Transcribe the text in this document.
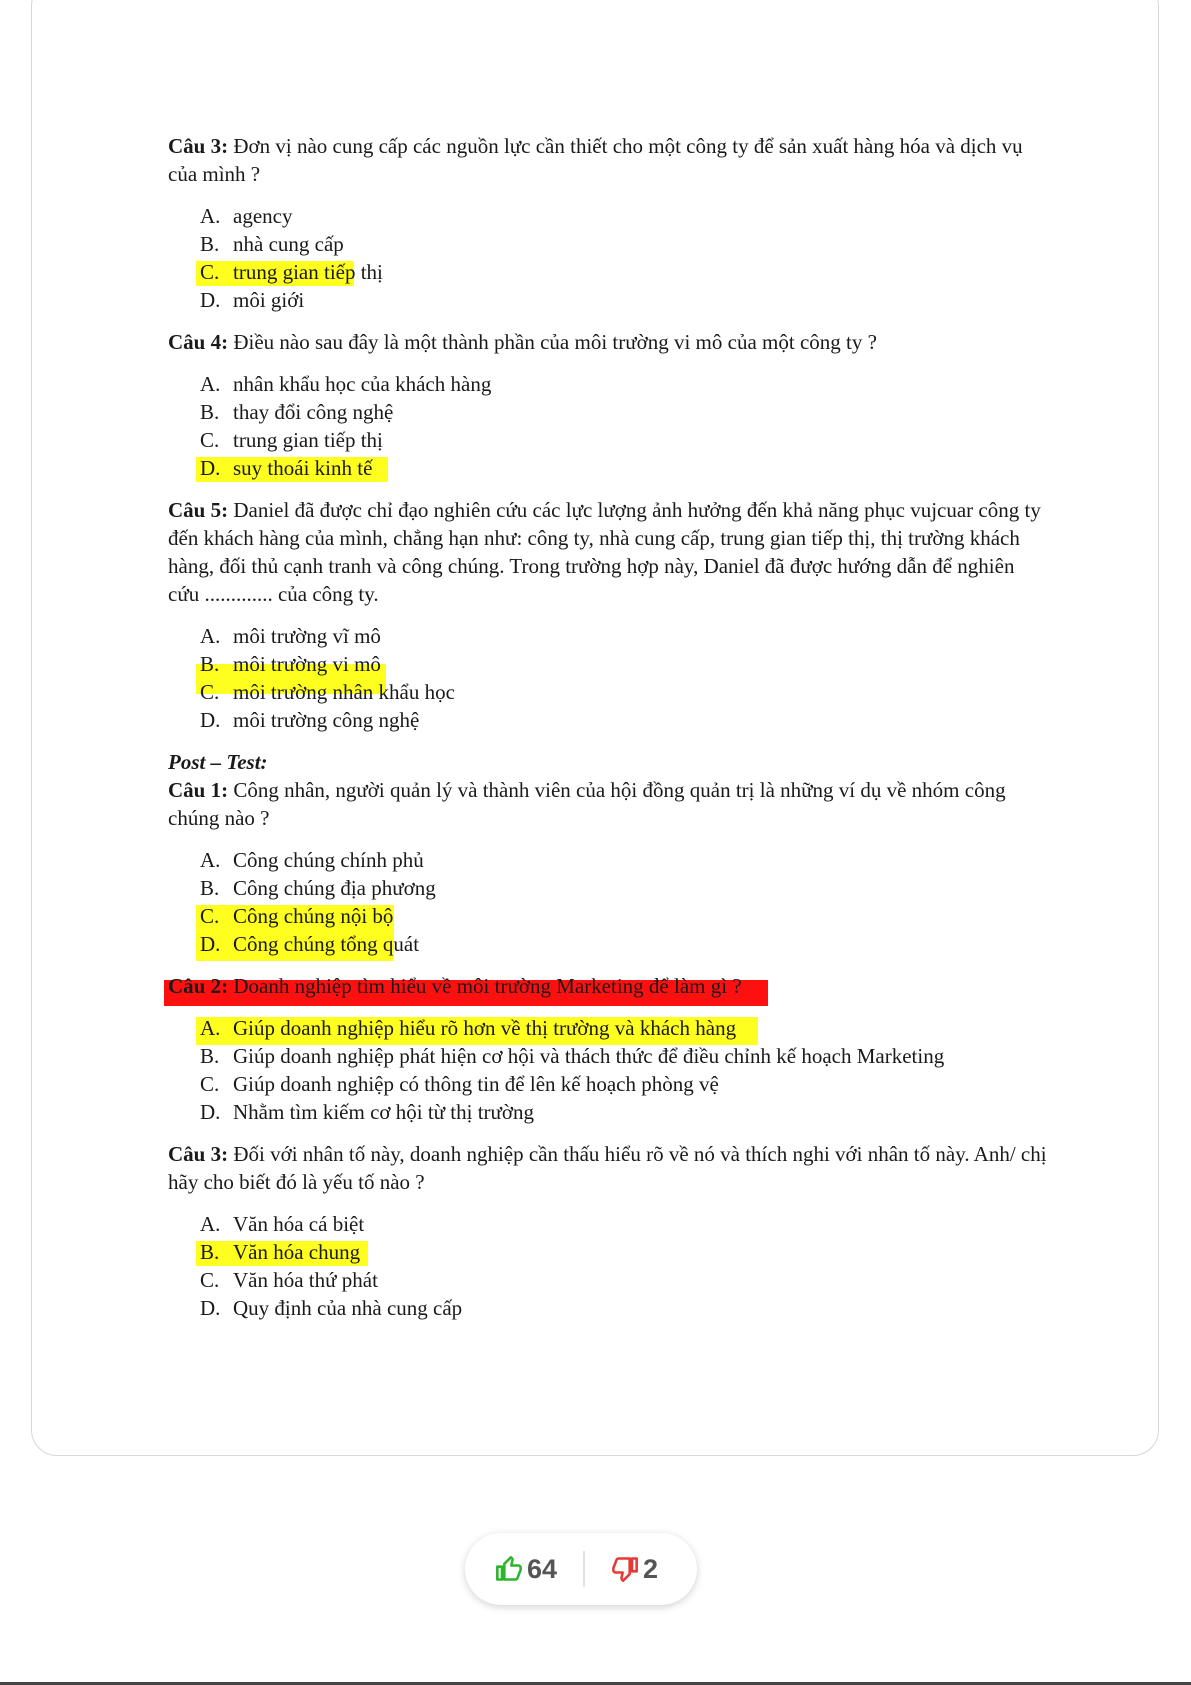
Câu 3: Đơn vị nào cung cấp các nguồn lực cần thiết cho một công ty để sản xuất hàng hóa và dịch vụ của mình ?

A. agency
B. nhà cung cấp
C. trung gian tiếp thị
D. môi giới

Câu 4: Điều nào sau đây là một thành phần của môi trường vi mô của một công ty ?

A. nhân khẩu học của khách hàng
B. thay đổi công nghệ
C. trung gian tiếp thị
D. suy thoái kinh tế

Câu 5: Daniel đã được chỉ đạo nghiên cứu các lực lượng ảnh hưởng đến khả năng phục vujcuar công ty đến khách hàng của mình, chẳng hạn như: công ty, nhà cung cấp, trung gian tiếp thị, thị trường khách hàng, đối thủ cạnh tranh và công chúng. Trong trường hợp này, Daniel đã được hướng dẫn để nghiên cứu ............. của công ty.

A. môi trường vĩ mô
B. môi trường vi mô
C. môi trường nhân khẩu học
D. môi trường công nghệ

Post – Test:

Câu 1: Công nhân, người quản lý và thành viên của hội đồng quản trị là những ví dụ về nhóm công chúng nào ?

A. Công chúng chính phủ
B. Công chúng địa phương
C. Công chúng nội bộ
D. Công chúng tổng quát

Câu 2: Doanh nghiệp tìm hiểu về môi trường Marketing để làm gì ?

A. Giúp doanh nghiệp hiểu rõ hơn về thị trường và khách hàng
B. Giúp doanh nghiệp phát hiện cơ hội và thách thức để điều chỉnh kế hoạch Marketing
C. Giúp doanh nghiệp có thông tin để lên kế hoạch phòng vệ
D. Nhằm tìm kiếm cơ hội từ thị trường

Câu 3: Đối với nhân tố này, doanh nghiệp cần thấu hiểu rõ về nó và thích nghi với nhân tố này. Anh/ chị hãy cho biết đó là yếu tố nào ?

A. Văn hóa cá biệt
B. Văn hóa chung
C. Văn hóa thứ phát
D. Quy định của nhà cung cấp
64	2
